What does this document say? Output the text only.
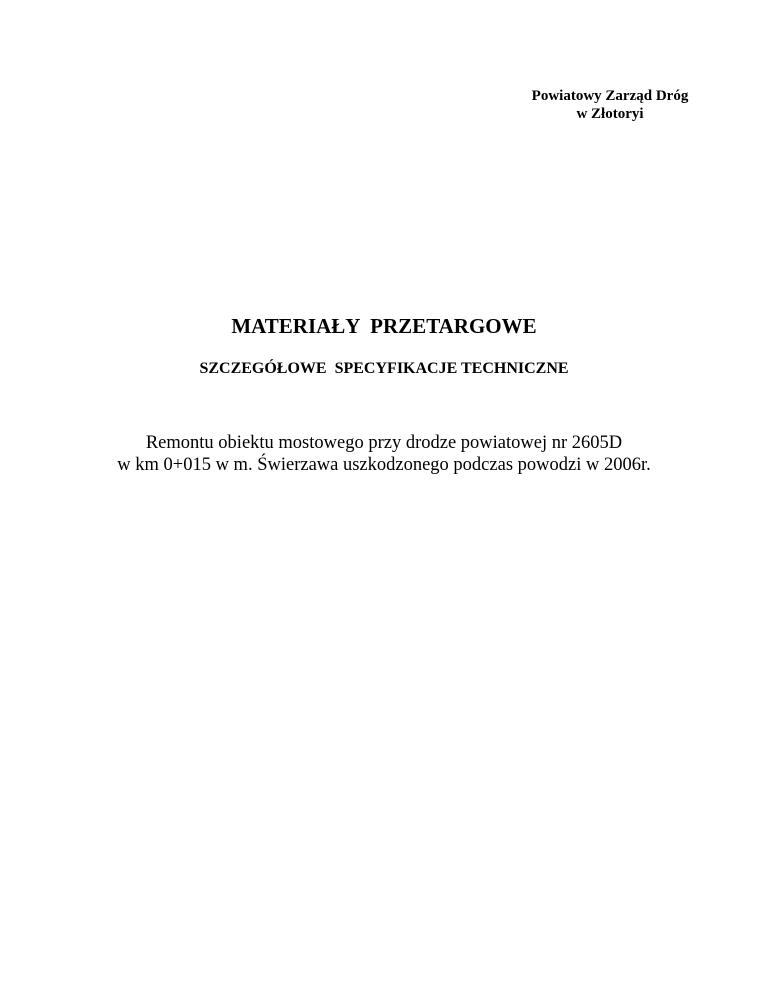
Powiatowy Zarząd Dróg
w Złotoryi
MATERIAŁY  PRZETARGOWE
SZCZEGÓŁOWE  SPECYFIKACJE TECHNICZNE
Remontu obiektu mostowego przy drodze powiatowej nr 2605D
w km 0+015 w m. Świerzawa uszkodzonego podczas powodzi w 2006r.
